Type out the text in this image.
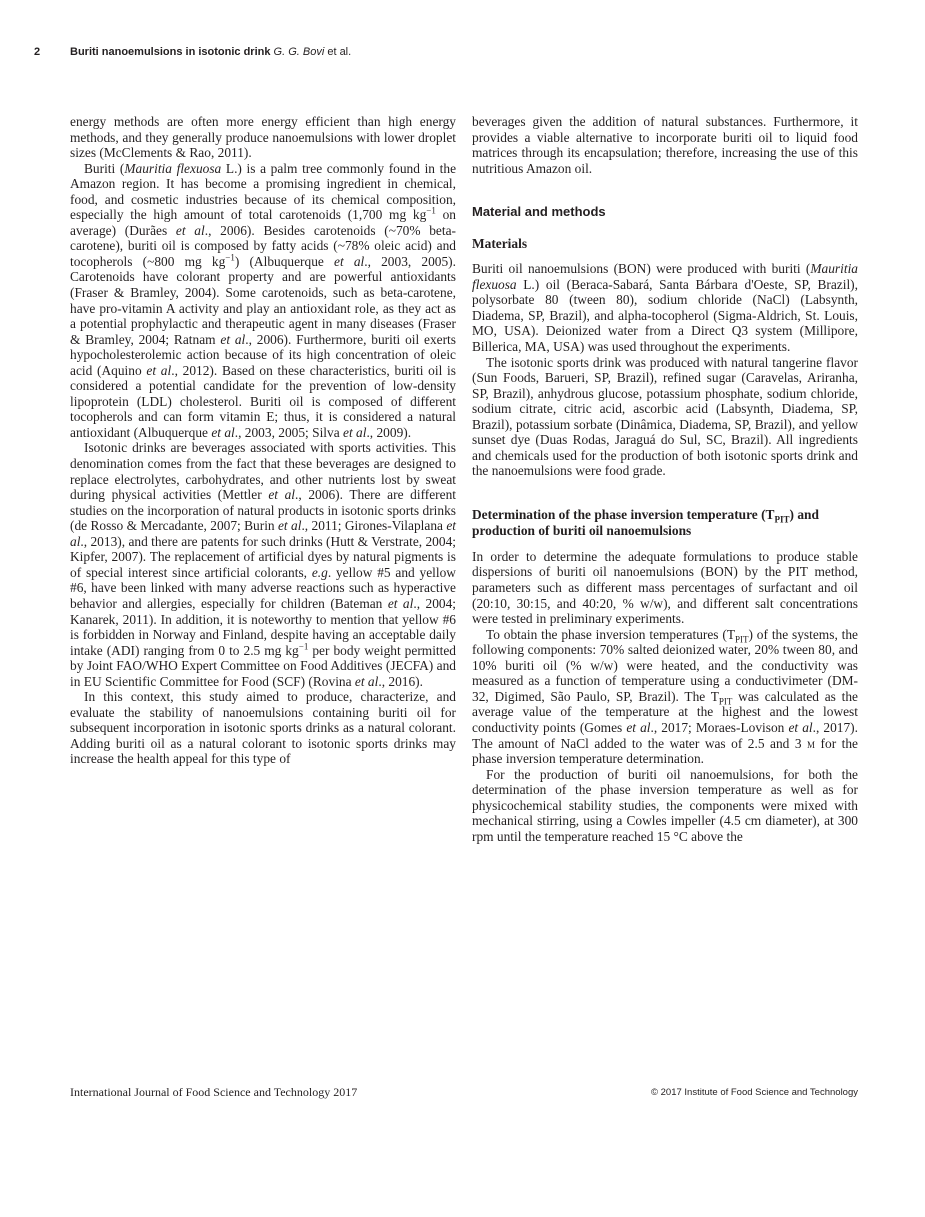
2	Buriti nanoemulsions in isotonic drink G. G. Bovi et al.

energy methods are often more energy efficient than high energy methods, and they generally produce nanoemulsions with lower droplet sizes (McClements & Rao, 2011).

Buriti (Mauritia flexuosa L.) is a palm tree commonly found in the Amazon region. It has become a promising ingredient in chemical, food, and cosmetic industries because of its chemical composition, especially the high amount of total carotenoids (1,700 mg $kg^{-1}$ on average) (Durães et al., 2006). Besides carotenoids (~70% beta-carotene), buriti oil is composed by fatty acids (~78% oleic acid) and tocopherols (~800 mg $kg^{-1}$) (Albuquerque et al., 2003, 2005). Carotenoids have colorant property and are powerful antioxidants (Fraser & Bramley, 2004). Some carotenoids, such as beta-carotene, have pro-vitamin A activity and play an antioxidant role, as they act as a potential prophylactic and therapeutic agent in many diseases (Fraser & Bramley, 2004; Ratnam et al., 2006). Furthermore, buriti oil exerts hypocholesterolemic action because of its high concentration of oleic acid (Aquino et al., 2012). Based on these characteristics, buriti oil is considered a potential candidate for the prevention of low-density lipoprotein (LDL) cholesterol. Buriti oil is composed of different tocopherols and can form vitamin E; thus, it is considered a natural antioxidant (Albuquerque et al., 2003, 2005; Silva et al., 2009).

Isotonic drinks are beverages associated with sports activities. This denomination comes from the fact that these beverages are designed to replace electrolytes, carbohydrates, and other nutrients lost by sweat during physical activities (Mettler et al., 2006). There are different studies on the incorporation of natural products in isotonic sports drinks (de Rosso & Mercadante, 2007; Burin et al., 2011; Girones-Vilaplana et al., 2013), and there are patents for such drinks (Hutt & Verstrate, 2004; Kipfer, 2007). The replacement of artificial dyes by natural pigments is of special interest since artificial colorants, e.g. yellow #5 and yellow #6, have been linked with many adverse reactions such as hyperactive behavior and allergies, especially for children (Bateman et al., 2004; Kanarek, 2011). In addition, it is noteworthy to mention that yellow #6 is forbidden in Norway and Finland, despite having an acceptable daily intake (ADI) ranging from 0 to 2.5 mg $kg^{-1}$ per body weight permitted by Joint FAO/WHO Expert Committee on Food Additives (JECFA) and in EU Scientific Committee for Food (SCF) (Rovina et al., 2016).

In this context, this study aimed to produce, characterize, and evaluate the stability of nanoemulsions containing buriti oil for subsequent incorporation in isotonic sports drinks as a natural colorant. Adding buriti oil as a natural colorant to isotonic sports drinks may increase the health appeal for this type of

beverages given the addition of natural substances. Furthermore, it provides a viable alternative to incorporate buriti oil to liquid food matrices through its encapsulation; therefore, increasing the use of this nutritious Amazon oil.

Material and methods
Materials

Buriti oil nanoemulsions (BON) were produced with buriti (Mauritia flexuosa L.) oil (Beraca-Sabará, Santa Bárbara d'Oeste, SP, Brazil), polysorbate 80 (tween 80), sodium chloride (NaCl) (Labsynth, Diadema, SP, Brazil), and alpha-tocopherol (Sigma-Aldrich, St. Louis, MO, USA). Deionized water from a Direct Q3 system (Millipore, Billerica, MA, USA) was used throughout the experiments.

The isotonic sports drink was produced with natural tangerine flavor (Sun Foods, Barueri, SP, Brazil), refined sugar (Caravelas, Ariranha, SP, Brazil), anhydrous glucose, potassium phosphate, sodium chloride, sodium citrate, citric acid, ascorbic acid (Labsynth, Diadema, SP, Brazil), potassium sorbate (Dinâmica, Diadema, SP, Brazil), and yellow sunset dye (Duas Rodas, Jaraguá do Sul, SC, Brazil). All ingredients and chemicals used for the production of both isotonic sports drink and the nanoemulsions were food grade.

Determination of the phase inversion temperature $(T_{PIT})$ and production of buriti oil nanoemulsions

In order to determine the adequate formulations to produce stable dispersions of buriti oil nanoemulsions (BON) by the PIT method, parameters such as different mass percentages of surfactant and oil (20:10, 30:15, and 40:20, % w/w), and different salt concentrations were tested in preliminary experiments.

To obtain the phase inversion temperatures $(T_{PIT})$ of the systems, the following components: 70% salted deionized water, 20% tween 80, and 10% buriti oil (% w/w) were heated, and the conductivity was measured as a function of temperature using a conductivimeter (DM-32, Digimed, São Paulo, SP, Brazil). The $T_{PIT}$ was calculated as the average value of the temperature at the highest and the lowest conductivity points (Gomes et al., 2017; Moraes-Lovison et al., 2017). The amount of NaCl added to the water was of 2.5 and 3 m for the phase inversion temperature determination.

For the production of buriti oil nanoemulsions, for both the determination of the phase inversion temperature as well as for physicochemical stability studies, the components were mixed with mechanical stirring, using a Cowles impeller (4.5 cm diameter), at 300 rpm until the temperature reached 15 °C above the

International Journal of Food Science and Technology 2017	© 2017 Institute of Food Science and Technology
